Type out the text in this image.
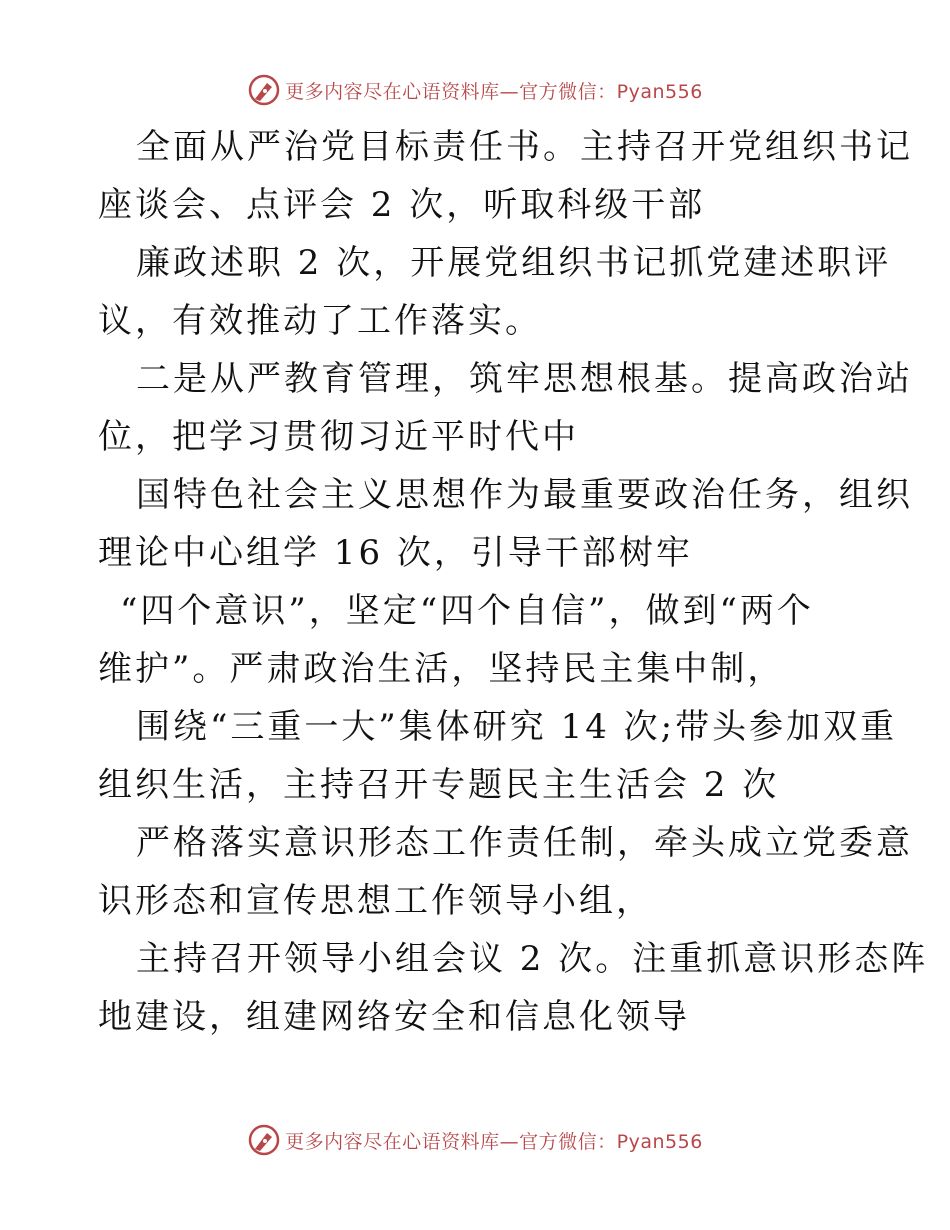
更多内容尽在心语资料库—官方微信：Pyan556
全面从严治党目标责任书。主持召开党组织书记
座谈会、点评会 2 次，听取科级干部
廉政述职 2 次，开展党组织书记抓党建述职评
议，有效推动了工作落实。
二是从严教育管理，筑牢思想根基。提高政治站
位，把学习贯彻习近平时代中
国特色社会主义思想作为最重要政治任务，组织
理论中心组学 16 次，引导干部树牢
“四个意识”，坚定“四个自信”，做到“两个
维护”。严肃政治生活，坚持民主集中制，
围绕“三重一大”集体研究 14 次;带头参加双重
组织生活，主持召开专题民主生活会 2 次
严格落实意识形态工作责任制，牵头成立党委意
识形态和宣传思想工作领导小组，
主持召开领导小组会议 2 次。注重抓意识形态阵
地建设，组建网络安全和信息化领导
更多内容尽在心语资料库—官方微信：Pyan556
